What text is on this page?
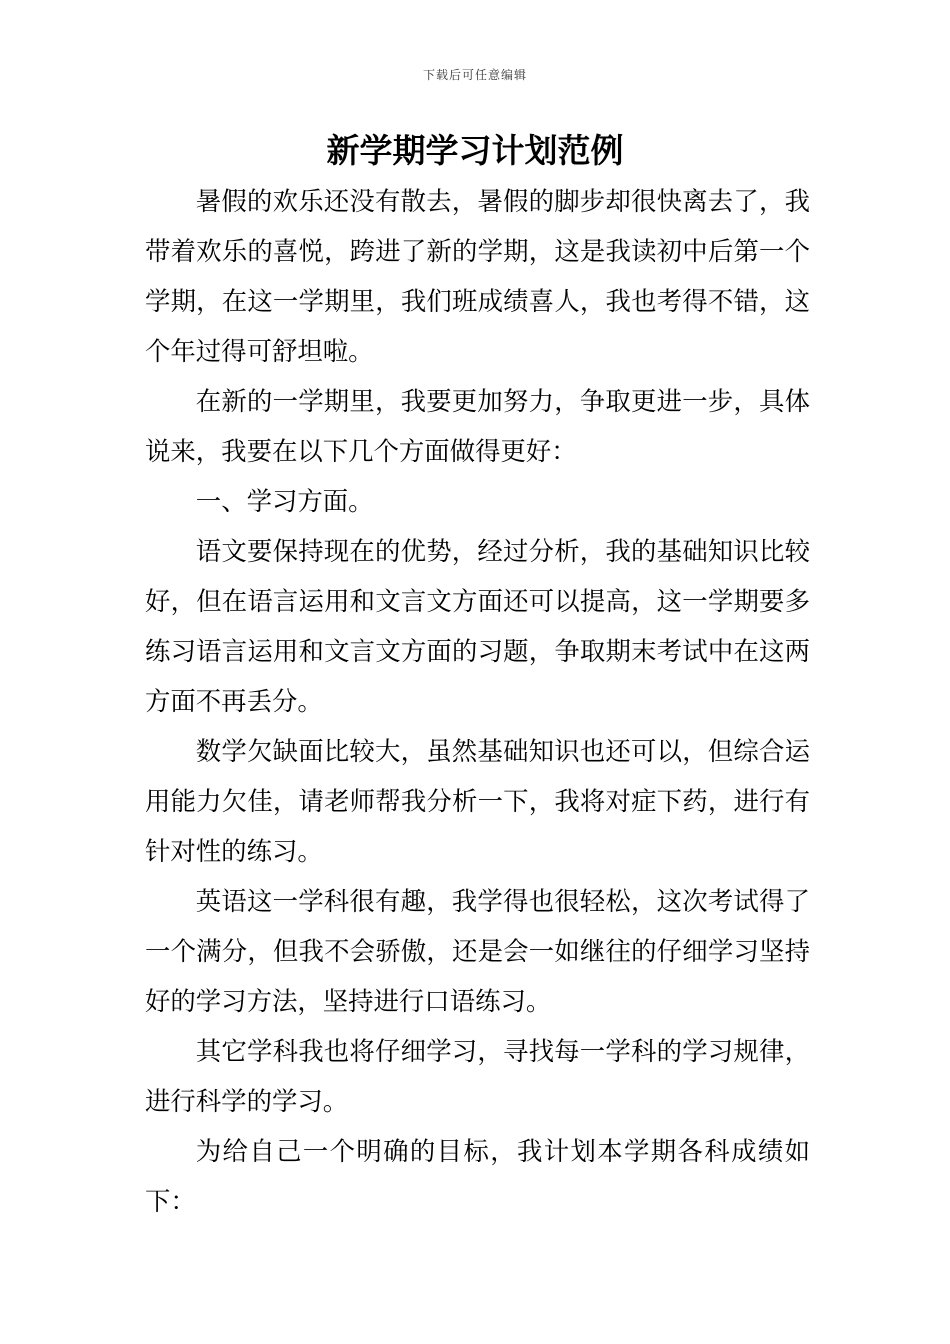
下载后可任意编辑
新学期学习计划范例

暑假的欢乐还没有散去，暑假的脚步却很快离去了，我带着欢乐的喜悦，跨进了新的学期，这是我读初中后第一个学期，在这一学期里，我们班成绩喜人，我也考得不错，这个年过得可舒坦啦。

在新的一学期里，我要更加努力，争取更进一步，具体说来，我要在以下几个方面做得更好：

一、学习方面。

语文要保持现在的优势，经过分析，我的基础知识比较好，但在语言运用和文言文方面还可以提高，这一学期要多练习语言运用和文言文方面的习题，争取期末考试中在这两方面不再丢分。

数学欠缺面比较大，虽然基础知识也还可以，但综合运用能力欠佳，请老师帮我分析一下，我将对症下药，进行有针对性的练习。

英语这一学科很有趣，我学得也很轻松，这次考试得了一个满分，但我不会骄傲，还是会一如继往的仔细学习坚持好的学习方法，坚持进行口语练习。

其它学科我也将仔细学习，寻找每一学科的学习规律，进行科学的学习。

为给自己一个明确的目标，我计划本学期各科成绩如下：
